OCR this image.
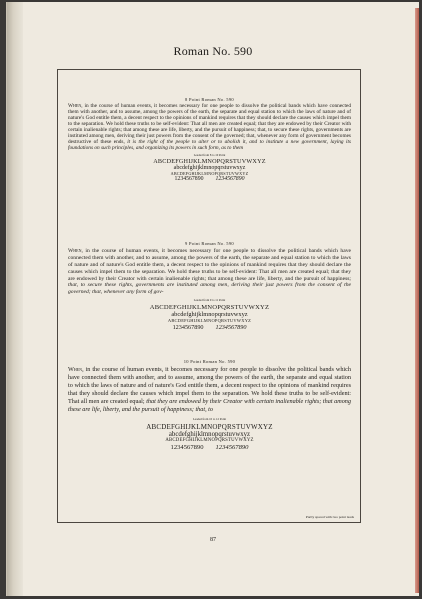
Roman No. 590
8 Point Roman No. 590
When, in the course of human events, it becomes necessary for one people to dissolve the political bands which have connected them with another, and to assume, among the powers of the earth, the separate and equal station to which the laws of nature and of nature's God entitle them, a decent respect to the opinions of mankind requires that they should declare the causes which impel them to the separation. We hold these truths to be self-evident: That all men are created equal; that they are endowed by their Creator with certain inalienable rights; that among these are life, liberty, and the pursuit of happiness; that, to secure these rights, governments are instituted among men, deriving their just powers from the consent of the governed; that, whenever any form of government becomes destructive of these ends, it is the right of the people to alter or to abolish it, and to institute a new government, laying its foundations on such principles, and organizing its powers in such form, as to them
Leaded from 8 to 10 Point
ABCDEFGHIJKLMNOPQRSTUVWXYZ
abcdefghijklmnopqrstuvwxyz
ABCDEFGHIJKLMNOPQRSTUVWXYZ
1234567890 1234567890
9 Point Roman No. 590
When, in the course of human events, it becomes necessary for one people to dissolve the political bands which have connected them with another, and to assume, among the powers of the earth, the separate and equal station to which the laws of nature and of nature's God entitle them, a decent respect to the opinions of mankind requires that they should declare the causes which impel them to the separation. We hold these truths to be self-evident: That all men are created equal; that they are endowed by their Creator with certain inalienable rights; that among these are life, liberty, and the pursuit of happiness; that, to secure these rights, governments are instituted among men, deriving their just powers from the consent of the governed; that, whenever any form of gov-
Leaded from 9 to 11 Point
ABCDEFGHIJKLMNOPQRSTUVWXYZ
abcdefghijklmnopqrstuvwxyz
ABCDEFGHIJKLMNOPQRSTUVWXYZ
1234567890 1234567890
10 Point Roman No. 590
When, in the course of human events, it becomes necessary for one people to dissolve the political bands which have connected them with another, and to assume, among the powers of the earth, the separate and equal station to which the laws of nature and of nature's God entitle them, a decent respect to the opinions of mankind requires that they should declare the causes which impel them to the separation. We hold these truths to be self-evident: That all men are created equal; that they are endowed by their Creator with certain inalienable rights; that among these are life, liberty, and the pursuit of happiness; that, to
Leaded from 10 to 12 Point
ABCDEFGHIJKLMNOPQRSTUVWXYZ
abcdefghijklmnopqrstuvwxyz
ABCDEFGHIJKLMNOPQRSTUVWXYZ
1234567890 1234567890
Partly spaced with two point leads
87
